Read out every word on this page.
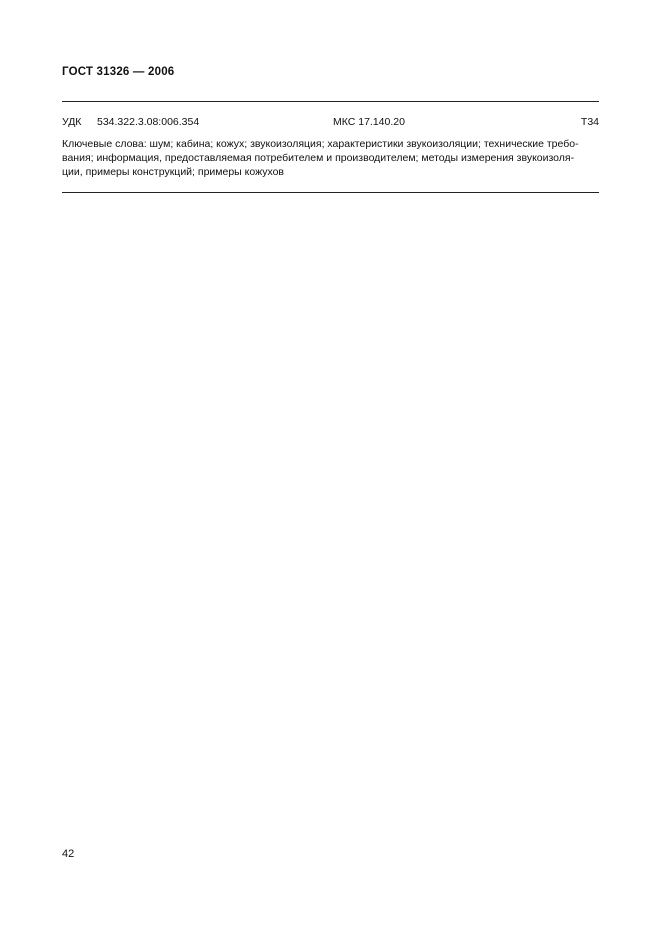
ГОСТ 31326 — 2006
УДК 534.322.3.08:006.354	МКС 17.140.20	Т34
Ключевые слова: шум; кабина; кожух; звукоизоляция; характеристики звукоизоляции; технические требо-
вания; информация, предоставляемая потребителем и производителем; методы измерения звукоизоля-
ции, примеры конструкций; примеры кожухов
42
